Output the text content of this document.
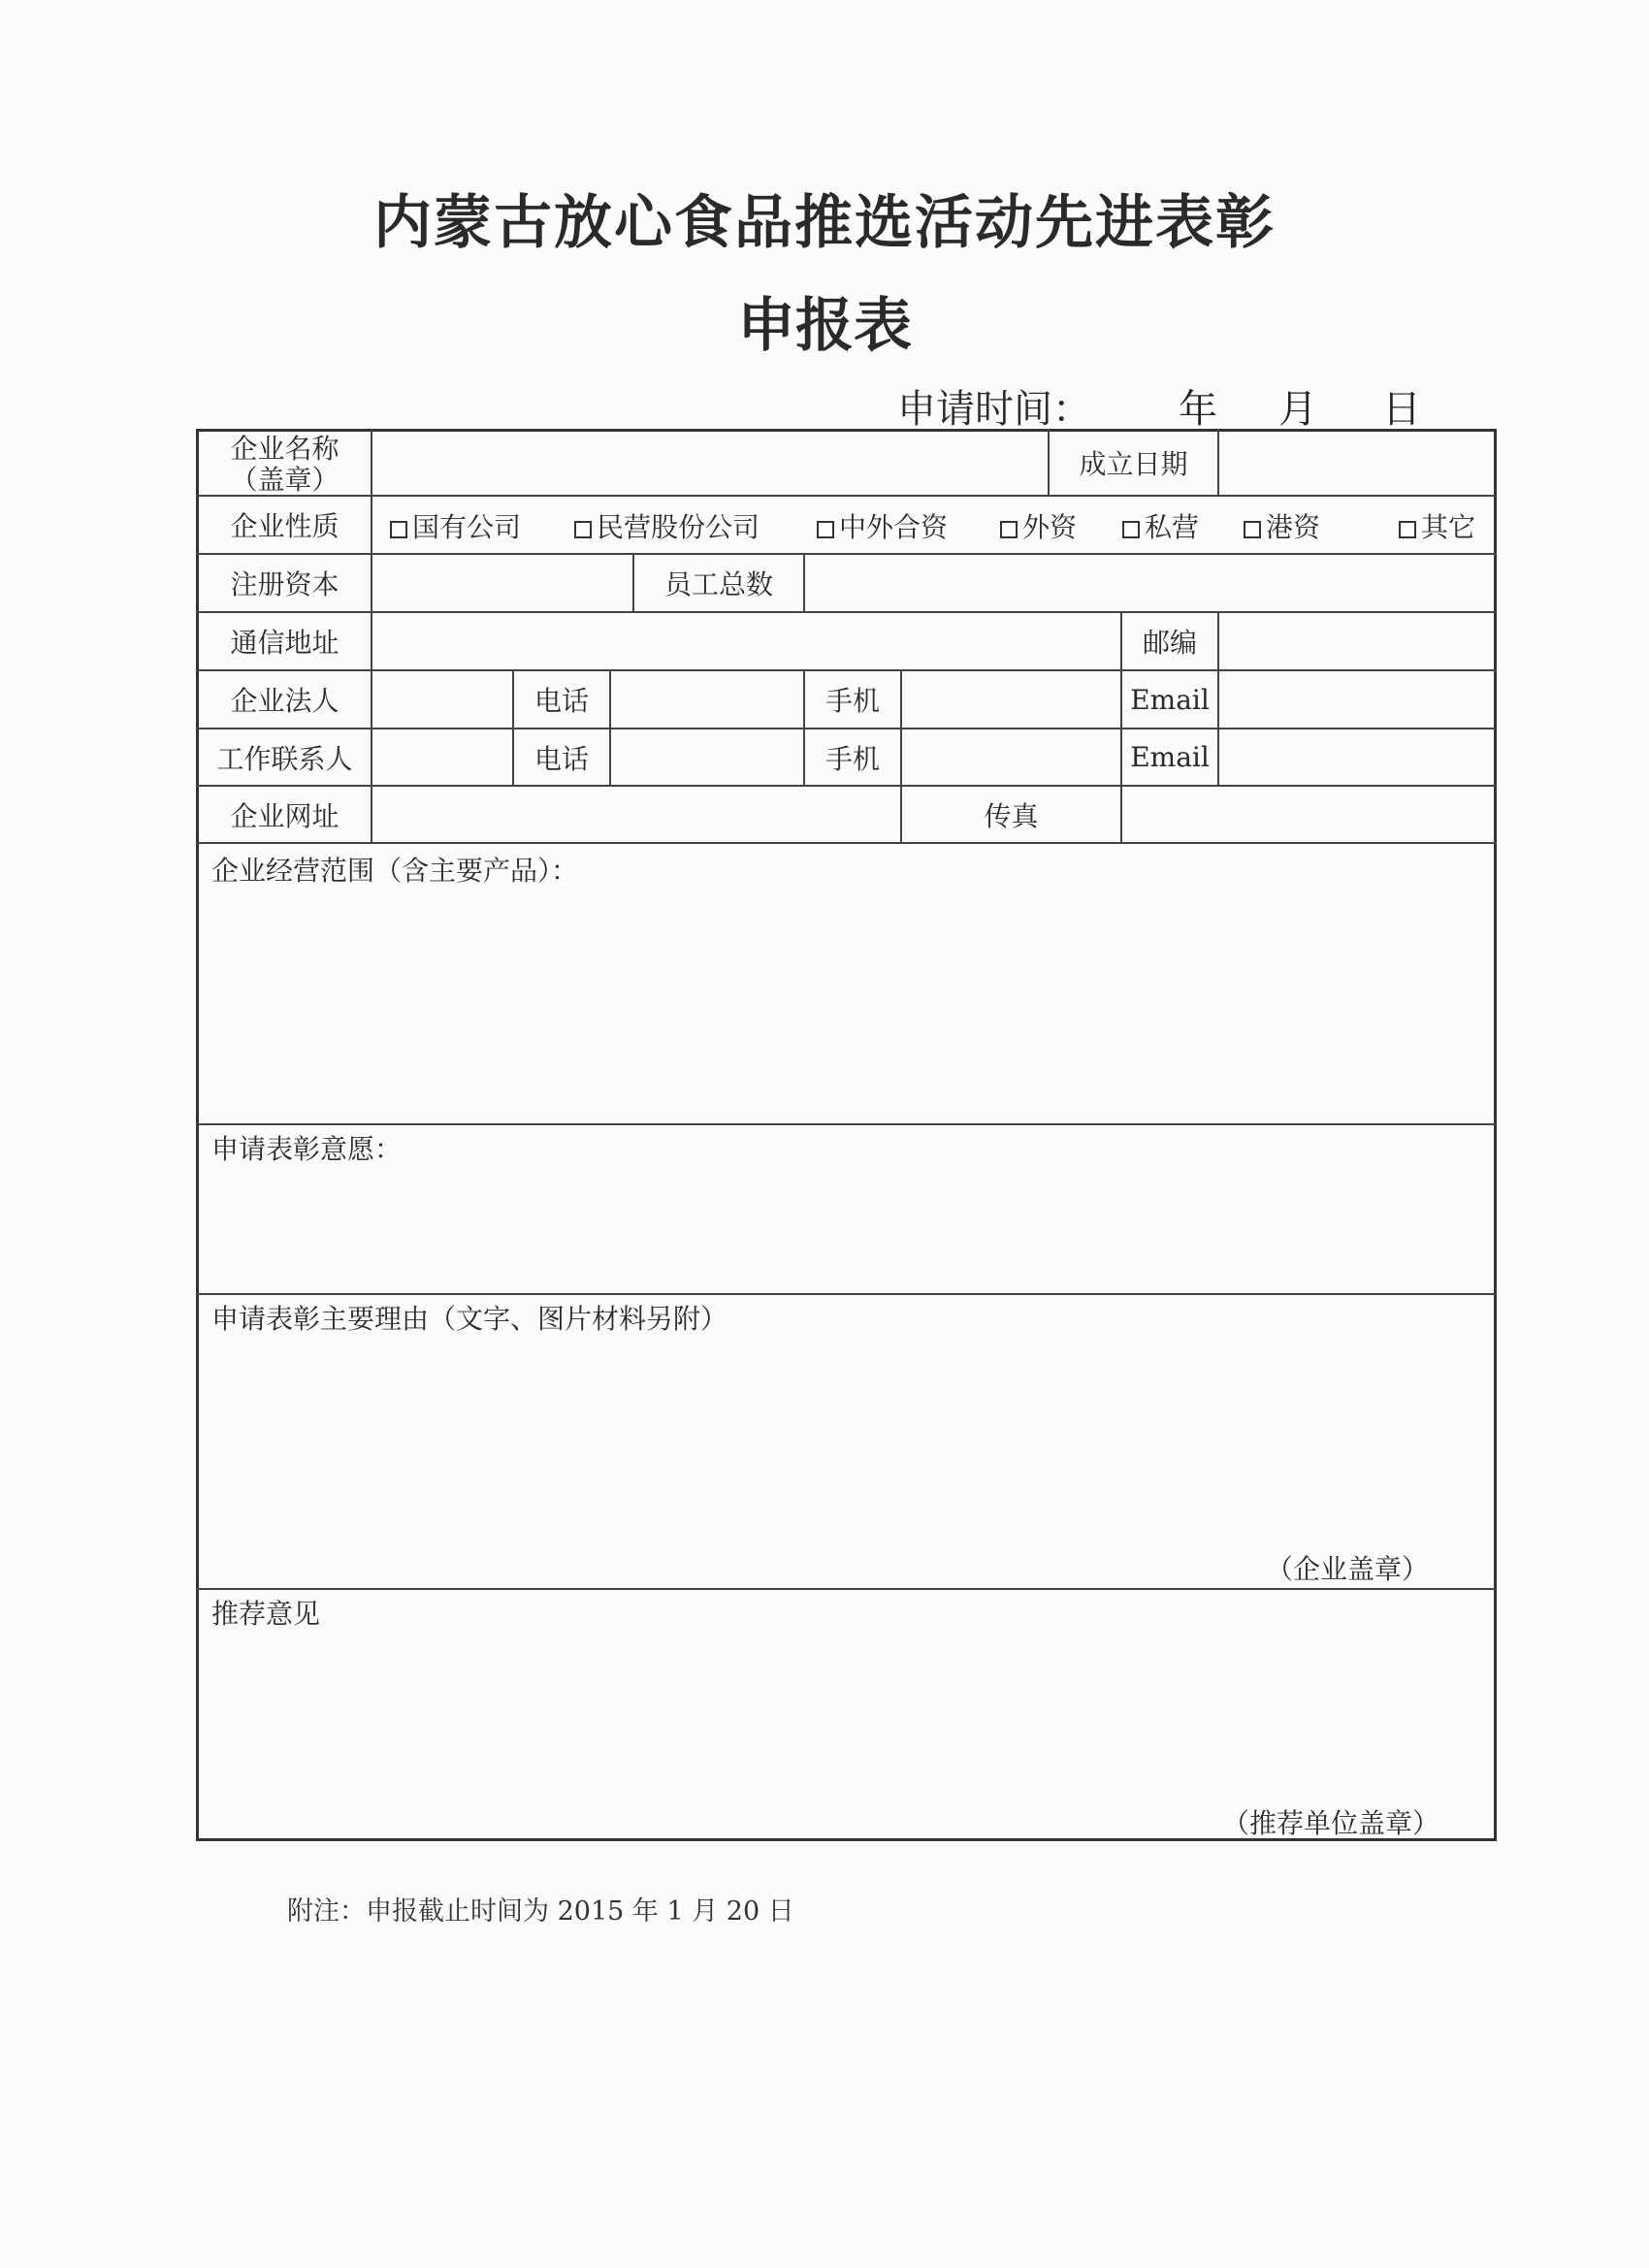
内蒙古放心食品推选活动先进表彰
申报表
申请时间： 年 月 日
企业名称
（盖章）	成立日期
企业性质	国有公司	民营股份公司	中外合资	外资	私营	港资	其它
注册资本	员工总数
通信地址	邮编
企业法人	电话	手机	Email
工作联系人	电话	手机	Email
企业网址	传真
企业经营范围（含主要产品）：
申请表彰意愿：
申请表彰主要理由（文字、图片材料另附）
（企业盖章）
推荐意见
（推荐单位盖章）
附注：申报截止时间为 2015 年 1 月 20 日
